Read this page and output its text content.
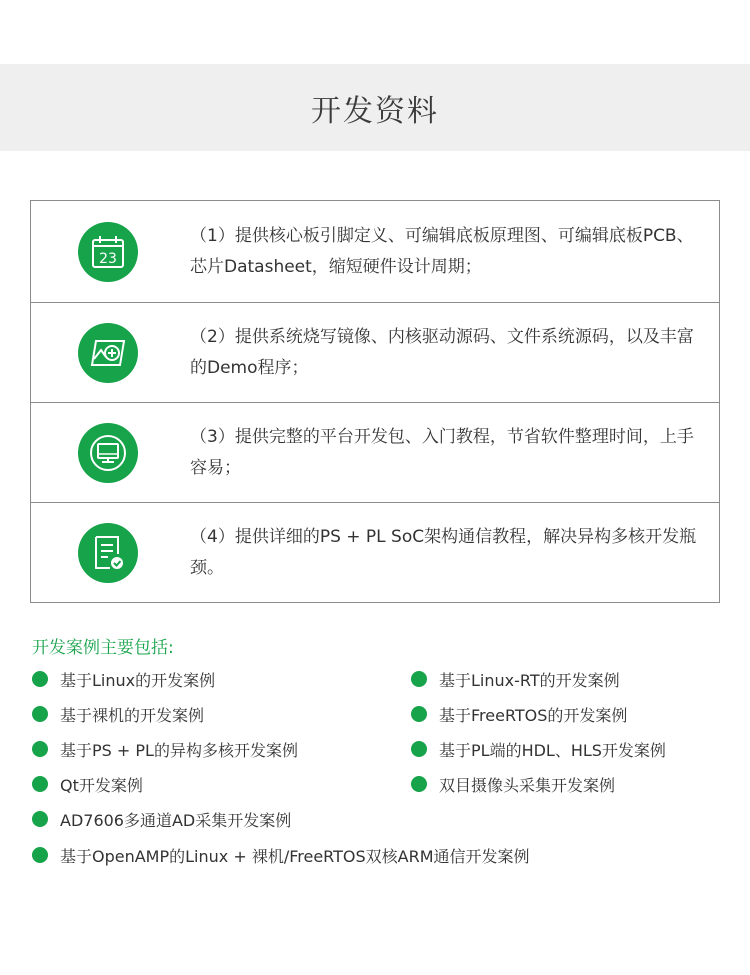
开发资料
23
（1）提供核心板引脚定义、可编辑底板原理图、可编辑底板PCB、芯片Datasheet，缩短硬件设计周期；
（2）提供系统烧写镜像、内核驱动源码、文件系统源码，以及丰富的Demo程序；
（3）提供完整的平台开发包、入门教程，节省软件整理时间，上手容易；
（4）提供详细的PS + PL SoC架构通信教程，解决异构多核开发瓶颈。
开发案例主要包括:
基于Linux的开发案例	基于Linux-RT的开发案例
基于裸机的开发案例	基于FreeRTOS的开发案例
基于PS + PL的异构多核开发案例	基于PL端的HDL、HLS开发案例
Qt开发案例	双目摄像头采集开发案例
AD7606多通道AD采集开发案例
基于OpenAMP的Linux + 裸机/FreeRTOS双核ARM通信开发案例
